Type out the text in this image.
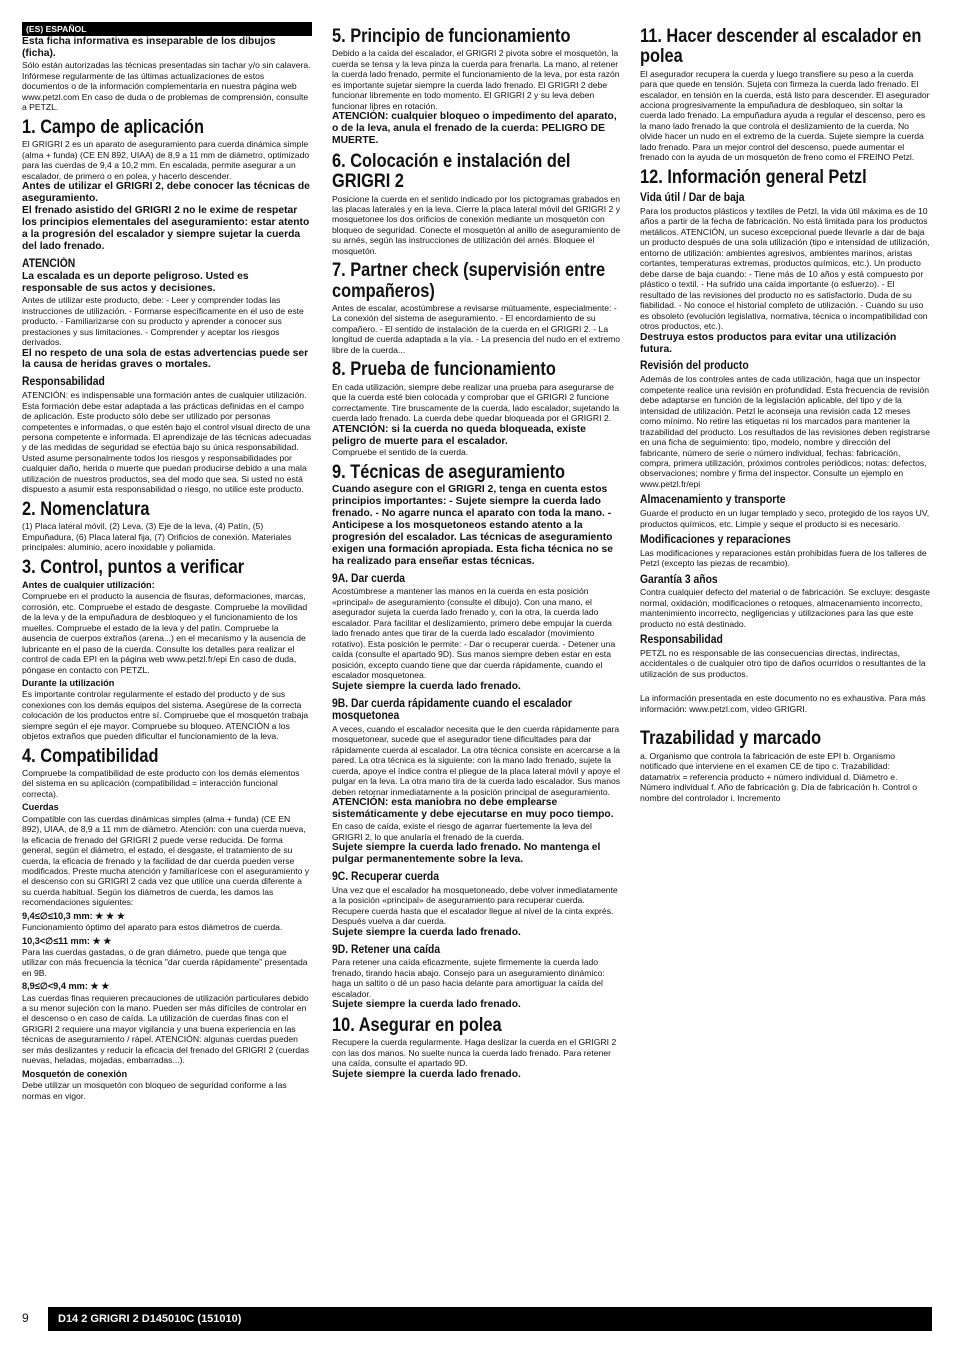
(ES) ESPAÑOL

Esta ficha informativa es inseparable de los dibujos (ficha).

Sólo están autorizadas las técnicas presentadas sin tachar y/o sin calavera. Infórmese regularmente de las últimas actualizaciones de estos documentos o de la información complementaria en nuestra página web www.petzl.com En caso de duda o de problemas de comprensión, consulte a PETZL.

1. Campo de aplicación

El GRIGRI 2 es un aparato de aseguramiento para cuerda dinámica simple (alma + funda) (CE EN 892, UIAA) de 8,9 a 11 mm de diámetro, optimizado para las cuerdas de 9,4 a 10,2 mm. En escalada, permite asegurar a un escalador, de primero o en polea, y hacerlo descender.

Antes de utilizar el GRIGRI 2, debe conocer las técnicas de aseguramiento.

El frenado asistido del GRIGRI 2 no le exime de respetar los principios elementales del aseguramiento: estar atento a la progresión del escalador y siempre sujetar la cuerda del lado frenado.

ATENCIÓN

La escalada es un deporte peligroso. Usted es responsable de sus actos y decisiones.

Antes de utilizar este producto, debe: - Leer y comprender todas las instrucciones de utilización. - Formarse específicamente en el uso de este producto. - Familiarizarse con su producto y aprender a conocer sus prestaciones y sus limitaciones. - Comprender y aceptar los riesgos derivados.

El no respeto de una sola de estas advertencias puede ser la causa de heridas graves o mortales.

Responsabilidad

ATENCIÓN: es indispensable una formación antes de cualquier utilización. Esta formación debe estar adaptada a las prácticas definidas en el campo de aplicación. Este producto sólo debe ser utilizado por personas competentes e informadas, o que estén bajo el control visual directo de una persona competente e informada. El aprendizaje de las técnicas adecuadas y de las medidas de seguridad se efectúa bajo su única responsabilidad. Usted asume personalmente todos los riesgos y responsabilidades por cualquier daño, herida o muerte que puedan producirse debido a una mala utilización de nuestros productos, sea del modo que sea. Si usted no está dispuesto a asumir esta responsabilidad o riesgo, no utilice este producto.

2. Nomenclatura

(1) Placa lateral móvil, (2) Leva, (3) Eje de la leva, (4) Patín, (5) Empuñadura, (6) Placa lateral fija, (7) Orificios de conexión. Materiales principales: aluminio, acero inoxidable y poliamida.

3. Control, puntos a verificar
Antes de cualquier utilización:

Compruebe en el producto la ausencia de fisuras, deformaciones, marcas, corrosión, etc. Compruebe el estado de desgaste. Compruebe la movilidad de la leva y de la empuñadura de desbloqueo y el funcionamiento de los muelles. Compruebe el estado de la leva y del patín. Compruebe la ausencia de cuerpos extraños (arena...) en el mecanismo y la ausencia de lubricante en el paso de la cuerda. Consulte los detalles para realizar el control de cada EPI en la página web www.petzl.fr/epi En caso de duda, póngase en contacto con PETZL.

Durante la utilización

Es importante controlar regularmente el estado del producto y de sus conexiones con los demás equipos del sistema. Asegúrese de la correcta colocación de los productos entre sí. Compruebe que el mosquetón trabaja siempre según el eje mayor. Compruebe su bloqueo. ATENCIÓN a los objetos extraños que pueden dificultar el funcionamiento de la leva.

4. Compatibilidad

Compruebe la compatibilidad de este producto con los demás elementos del sistema en su aplicación (compatibilidad = interacción funcional correcta).

Cuerdas

Compatible con las cuerdas dinámicas simples (alma + funda) (CE EN 892), UIAA, de 8,9 a 11 mm de diámetro. Atención: con una cuerda nueva, la eficacia de frenado del GRIGRI 2 puede verse reducida. De forma general, según el diámetro, el estado, el desgaste, el tratamiento de su cuerda, la eficacia de frenado y la facilidad de dar cuerda pueden verse modificados. Preste mucha atención y familiarícese con el aseguramiento y el descenso con su GRIGRI 2 cada vez que utilice una cuerda diferente a su cuerda habitual. Según los diámetros de cuerda, les damos las recomendaciones siguientes:

9,4≤∅≤10,3 mm: ★ ★ ★

Funcionamiento óptimo del aparato para estos diámetros de cuerda.

10,3<∅≤11 mm: ★ ★

Para las cuerdas gastadas, o de gran diámetro, puede que tenga que utilizar con más frecuencia la técnica "dar cuerda rápidamente" presentada en 9B.

8,9≤∅<9,4 mm: ★ ★

Las cuerdas finas requieren precauciones de utilización particulares debido a su menor sujeción con la mano. Pueden ser más difíciles de controlar en el descenso o en caso de caída. La utilización de cuerdas finas con el GRIGRI 2 requiere una mayor vigilancia y una buena experiencia en las técnicas de aseguramiento / rápel. ATENCIÓN: algunas cuerdas pueden ser más deslizantes y reducir la eficacia del frenado del GRIGRI 2 (cuerdas nuevas, heladas, mojadas, embarradas...).

Mosquetón de conexión

Debe utilizar un mosquetón con bloqueo de seguridad conforme a las normas en vigor.

5. Principio de funcionamiento

Debido a la caída del escalador, el GRIGRI 2 pivota sobre el mosquetón, la cuerda se tensa y la leva pinza la cuerda para frenarla. La mano, al retener la cuerda lado frenado, permite el funcionamiento de la leva, por esta razón es importante sujetar siempre la cuerda lado frenado. El GRIGRI 2 debe funcionar libremente en todo momento. El GRIGRI 2 y su leva deben funcionar libres en rotación.

ATENCIÓN: cualquier bloqueo o impedimento del aparato, o de la leva, anula el frenado de la cuerda: PELIGRO DE MUERTE.

6. Colocación e instalación del GRIGRI 2

Posicione la cuerda en el sentido indicado por los pictogramas grabados en las placas laterales y en la leva. Cierre la placa lateral móvil del GRIGRI 2 y mosquetonee los dos orificios de conexión mediante un mosquetón con bloqueo de seguridad. Conecte el mosquetón al anillo de aseguramiento de su arnés, según las instrucciones de utilización del arnés. Bloquee el mosquetón.

7. Partner check (supervisión entre compañeros)

Antes de escalar, acostúmbrese a revisarse mútuamente, especialmente: - La conexión del sistema de aseguramiento. - El encordamiento de su compañero. - El sentido de instalación de la cuerda en el GRIGRI 2. - La longitud de cuerda adaptada a la vía. - La presencia del nudo en el extremo libre de la cuerda...

8. Prueba de funcionamiento

En cada utilización, siempre debe realizar una prueba para asegurarse de que la cuerda esté bien colocada y comprobar que el GRIGRI 2 funcione correctamente. Tire bruscamente de la cuerda, lado escalador, sujetando la cuerda lado frenado. La cuerda debe quedar bloqueada por el GRIGRI 2.

ATENCIÓN: si la cuerda no queda bloqueada, existe peligro de muerte para el escalador.

Compruebe el sentido de la cuerda.

9. Técnicas de aseguramiento

Cuando asegure con el GRIGRI 2, tenga en cuenta estos principios importantes: - Sujete siempre la cuerda lado frenado. - No agarre nunca el aparato con toda la mano. - Anticipese a los mosquetoneos estando atento a la progresión del escalador. Las técnicas de aseguramiento exigen una formación apropiada. Esta ficha técnica no se ha realizado para enseñar estas técnicas.

9A. Dar cuerda

Acostúmbrese a mantener las manos en la cuerda en esta posición «principal» de aseguramiento (consulte el dibujo). Con una mano, el asegurador sujeta la cuerda lado frenado y, con la otra, la cuerda lado escalador. Para facilitar el deslizamiento, primero debe empujar la cuerda lado frenado antes que tirar de la cuerda lado escalador (movimiento rotativo). Esta posición le permite: - Dar o recuperar cuerda. - Detener una caída (consulte el apartado 9D). Sus manos siempre deben estar en esta posición, excepto cuando tiene que dar cuerda rápidamente, cuando el escalador mosquetonea.

Sujete siempre la cuerda lado frenado.

9B. Dar cuerda rápidamente cuando el escalador mosquetonea

A veces, cuando el escalador necesita que le den cuerda rápidamente para mosquetonear, sucede que el asegurador tiene dificultades para dar rápidamente cuerda al escalador. La otra técnica consiste en acercarse a la pared. La otra técnica es la siguiente: con la mano lado frenado, sujete la cuerda, apoye el índice contra el pliegue de la placa lateral móvil y apoye el pulgar en la leva. La otra mano tira de la cuerda lado escalador. Sus manos deben retornar inmediatamente a la posición principal de aseguramiento.

ATENCIÓN: esta maniobra no debe emplearse sistemáticamente y debe ejecutarse en muy poco tiempo.

En caso de caída, existe el riesgo de agarrar fuertemente la leva del GRIGRI 2, lo que anularía el frenado de la cuerda.

Sujete siempre la cuerda lado frenado. No mantenga el pulgar permanentemente sobre la leva.

9C. Recuperar cuerda

Una vez que el escalador ha mosquetoneado, debe volver inmediatamente a la posición «principal» de aseguramiento para recuperar cuerda. Recupere cuerda hasta que el escalador llegue al nivel de la cinta exprés. Después vuelva a dar cuerda.

Sujete siempre la cuerda lado frenado.

9D. Retener una caída

Para retener una caída eficazmente, sujete firmemente la cuerda lado frenado, tirando hacia abajo. Consejo para un aseguramiento dinámico: haga un saltito o dé un paso hacia delante para amortiguar la caída del escalador.

Sujete siempre la cuerda lado frenado.

10. Asegurar en polea

Recupere la cuerda regularmente. Haga deslizar la cuerda en el GRIGRI 2 con las dos manos. No suelte nunca la cuerda lado frenado. Para retener una caída, consulte el apartado 9D.

Sujete siempre la cuerda lado frenado.

11. Hacer descender al escalador en polea

El asegurador recupera la cuerda y luego transfiere su peso a la cuerda para que quede en tensión. Sujeta con firmeza la cuerda lado frenado. El escalador, en tensión en la cuerda, está listo para descender. El asegurador acciona progresivamente la empuñadura de desbloqueo, sin soltar la cuerda lado frenado. La empuñadura ayuda a regular el descenso, pero es la mano lado frenado la que controla el deslizamiento de la cuerda. No olvide hacer un nudo en el extremo de la cuerda. Sujete siempre la cuerda lado frenado. Para un mejor control del descenso, puede aumentar el frenado con la ayuda de un mosquetón de freno como el FREINO Petzl.

12. Información general Petzl
Vida útil / Dar de baja

Para los productos plásticos y textiles de Petzl, la vida útil máxima es de 10 años a partir de la fecha de fabricación. No está limitada para los productos metálicos. ATENCIÓN, un suceso excepcional puede llevarle a dar de baja un producto después de una sola utilización (tipo e intensidad de utilización, entorno de utilización: ambientes agresivos, ambientes marinos, aristas cortantes, temperaturas extremas, productos químicos, etc.). Un producto debe darse de baja cuando: - Tiene más de 10 años y está compuesto por plástico o textil. - Ha sufrido una caída importante (o esfuerzo). - El resultado de las revisiones del producto no es satisfactorio. Duda de su fiabilidad. - No conoce el historial completo de utilización. - Cuando su uso es obsoleto (evolución legislativa, normativa, técnica o incompatibilidad con otros productos, etc.).

Destruya estos productos para evitar una utilización futura.

Revisión del producto

Además de los controles antes de cada utilización, haga que un inspector competente realice una revisión en profundidad. Esta frecuencia de revisión debe adaptarse en función de la legislación aplicable, del tipo y de la intensidad de utilización. Petzl le aconseja una revisión cada 12 meses como mínimo. No retire las etiquetas ni los marcados para mantener la trazabilidad del producto. Los resultados de las revisiones deben registrarse en una ficha de seguimiento: tipo, modelo, nombre y dirección del fabricante, número de serie o número individual, fechas: fabricación, compra, primera utilización, próximos controles periódicos; notas: defectos, observaciones; nombre y firma del inspector. Consulte un ejemplo en www.petzl.fr/epi

Almacenamiento y transporte

Guarde el producto en un lugar templado y seco, protegido de los rayos UV, productos químicos, etc. Limpie y seque el producto si es necesario.

Modificaciones y reparaciones

Las modificaciones y reparaciones están prohibidas fuera de los talleres de Petzl (excepto las piezas de recambio).

Garantía 3 años

Contra cualquier defecto del material o de fabricación. Se excluye: desgaste normal, oxidación, modificaciones o retoques, almacenamiento incorrecto, mantenimiento incorrecto, negligencias y utilizaciones para las que este producto no está destinado.

Responsabilidad

PETZL no es responsable de las consecuencias directas, indirectas, accidentales o de cualquier otro tipo de daños ocurridos o resultantes de la utilización de sus productos.

La información presentada en este documento no es exhaustiva. Para más información: www.petzl.com, video GRIGRI.

Trazabilidad y marcado

a. Organismo que controla la fabricación de este EPI b. Organismo notificado que interviene en el examen CE de tipo c. Trazabilidad: datamatrix = referencia producto + número individual d. Diámetro e. Número individual f. Año de fabricación g. Día de fabricación h. Control o nombre del controlador i. Incremento

9	D14 2 GRIGRI 2 D145010C (151010)
